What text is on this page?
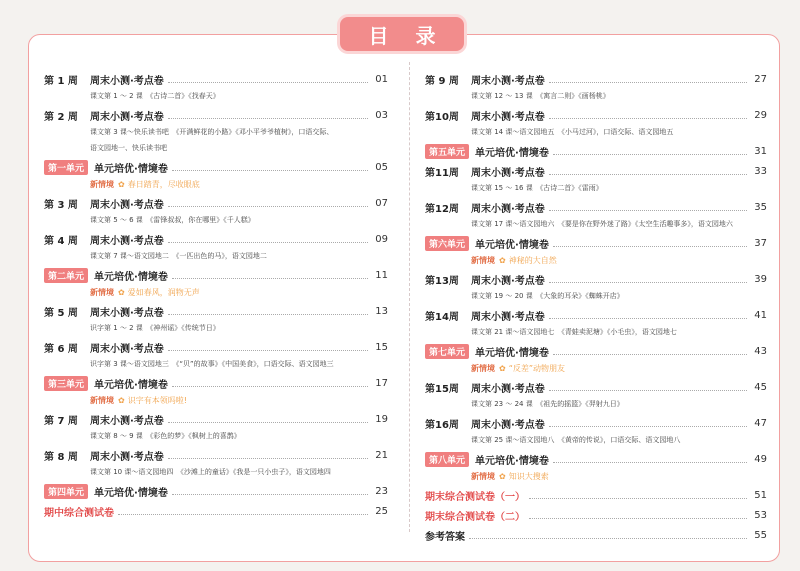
目 录
第 1 周	周末小测·考点卷	01
课文第 1 ～ 2 课　《古诗二首》《找春天》
第 2 周	周末小测·考点卷	03
课文第 3 课～快乐读书吧　《开满鲜花的小路》《邓小平爷爷植树》，口语交际、
语文园地一、快乐读书吧
第一单元	单元培优·情境卷	05
新情境 ✿ 春日踏青，尽收眼底
第 3 周	周末小测·考点卷	07
课文第 5 ～ 6 课　《雷锋叔叔，你在哪里》《千人糕》
第 4 周	周末小测·考点卷	09
课文第 7 课～语文园地二　《一匹出色的马》，语文园地二
第二单元	单元培优·情境卷	11
新情境 ✿ 爱如春风，润物无声
第 5 周	周末小测·考点卷	13
识字第 1 ～ 2 课　《神州谣》《传统节日》
第 6 周	周末小测·考点卷	15
识字第 3 课～语文园地三　《“贝”的故事》《中国美食》，口语交际、语文园地三
第三单元	单元培优·情境卷	17
新情境 ✿ 识字有本领吗啦!
第 7 周	周末小测·考点卷	19
课文第 8 ～ 9 课　《彩色的梦》《枫树上的喜鹊》
第 8 周	周末小测·考点卷	21
课文第 10 课～语文园地四　《沙滩上的童话》《我是一只小虫子》，语文园地四
第四单元	单元培优·情境卷	23
期中综合测试卷	25
第 9 周	周末小测·考点卷	27
课文第 12 ～ 13 课　《寓言二则》《画杨桃》
第10周	周末小测·考点卷	29
课文第 14 课～语文园地五　《小马过河》，口语交际、语文园地五
第五单元	单元培优·情境卷	31
第11周	周末小测·考点卷	33
课文第 15 ～ 16 课　《古诗二首》《雷雨》
第12周	周末小测·考点卷	35
课文第 17 课～语文园地六　《要是你在野外迷了路》《太空生活趣事多》，语文园地六
第六单元	单元培优·情境卷	37
新情境 ✿ 神秘的大自然
第13周	周末小测·考点卷	39
课文第 19 ～ 20 课　《大象的耳朵》《蜘蛛开店》
第14周	周末小测·考点卷	41
课文第 21 课～语文园地七　《青蛙卖泥塘》《小毛虫》，语文园地七
第七单元	单元培优·情境卷	43
新情境 ✿ “反差”动物朋友
第15周	周末小测·考点卷	45
课文第 23 ～ 24 课　《祖先的摇篮》《羿射九日》
第16周	周末小测·考点卷	47
课文第 25 课～语文园地八　《黄帝的传说》，口语交际、语文园地八
第八单元	单元培优·情境卷	49
新情境 ✿ 知识大搜索
期末综合测试卷（一）	51
期末综合测试卷（二）	53
参考答案	55
